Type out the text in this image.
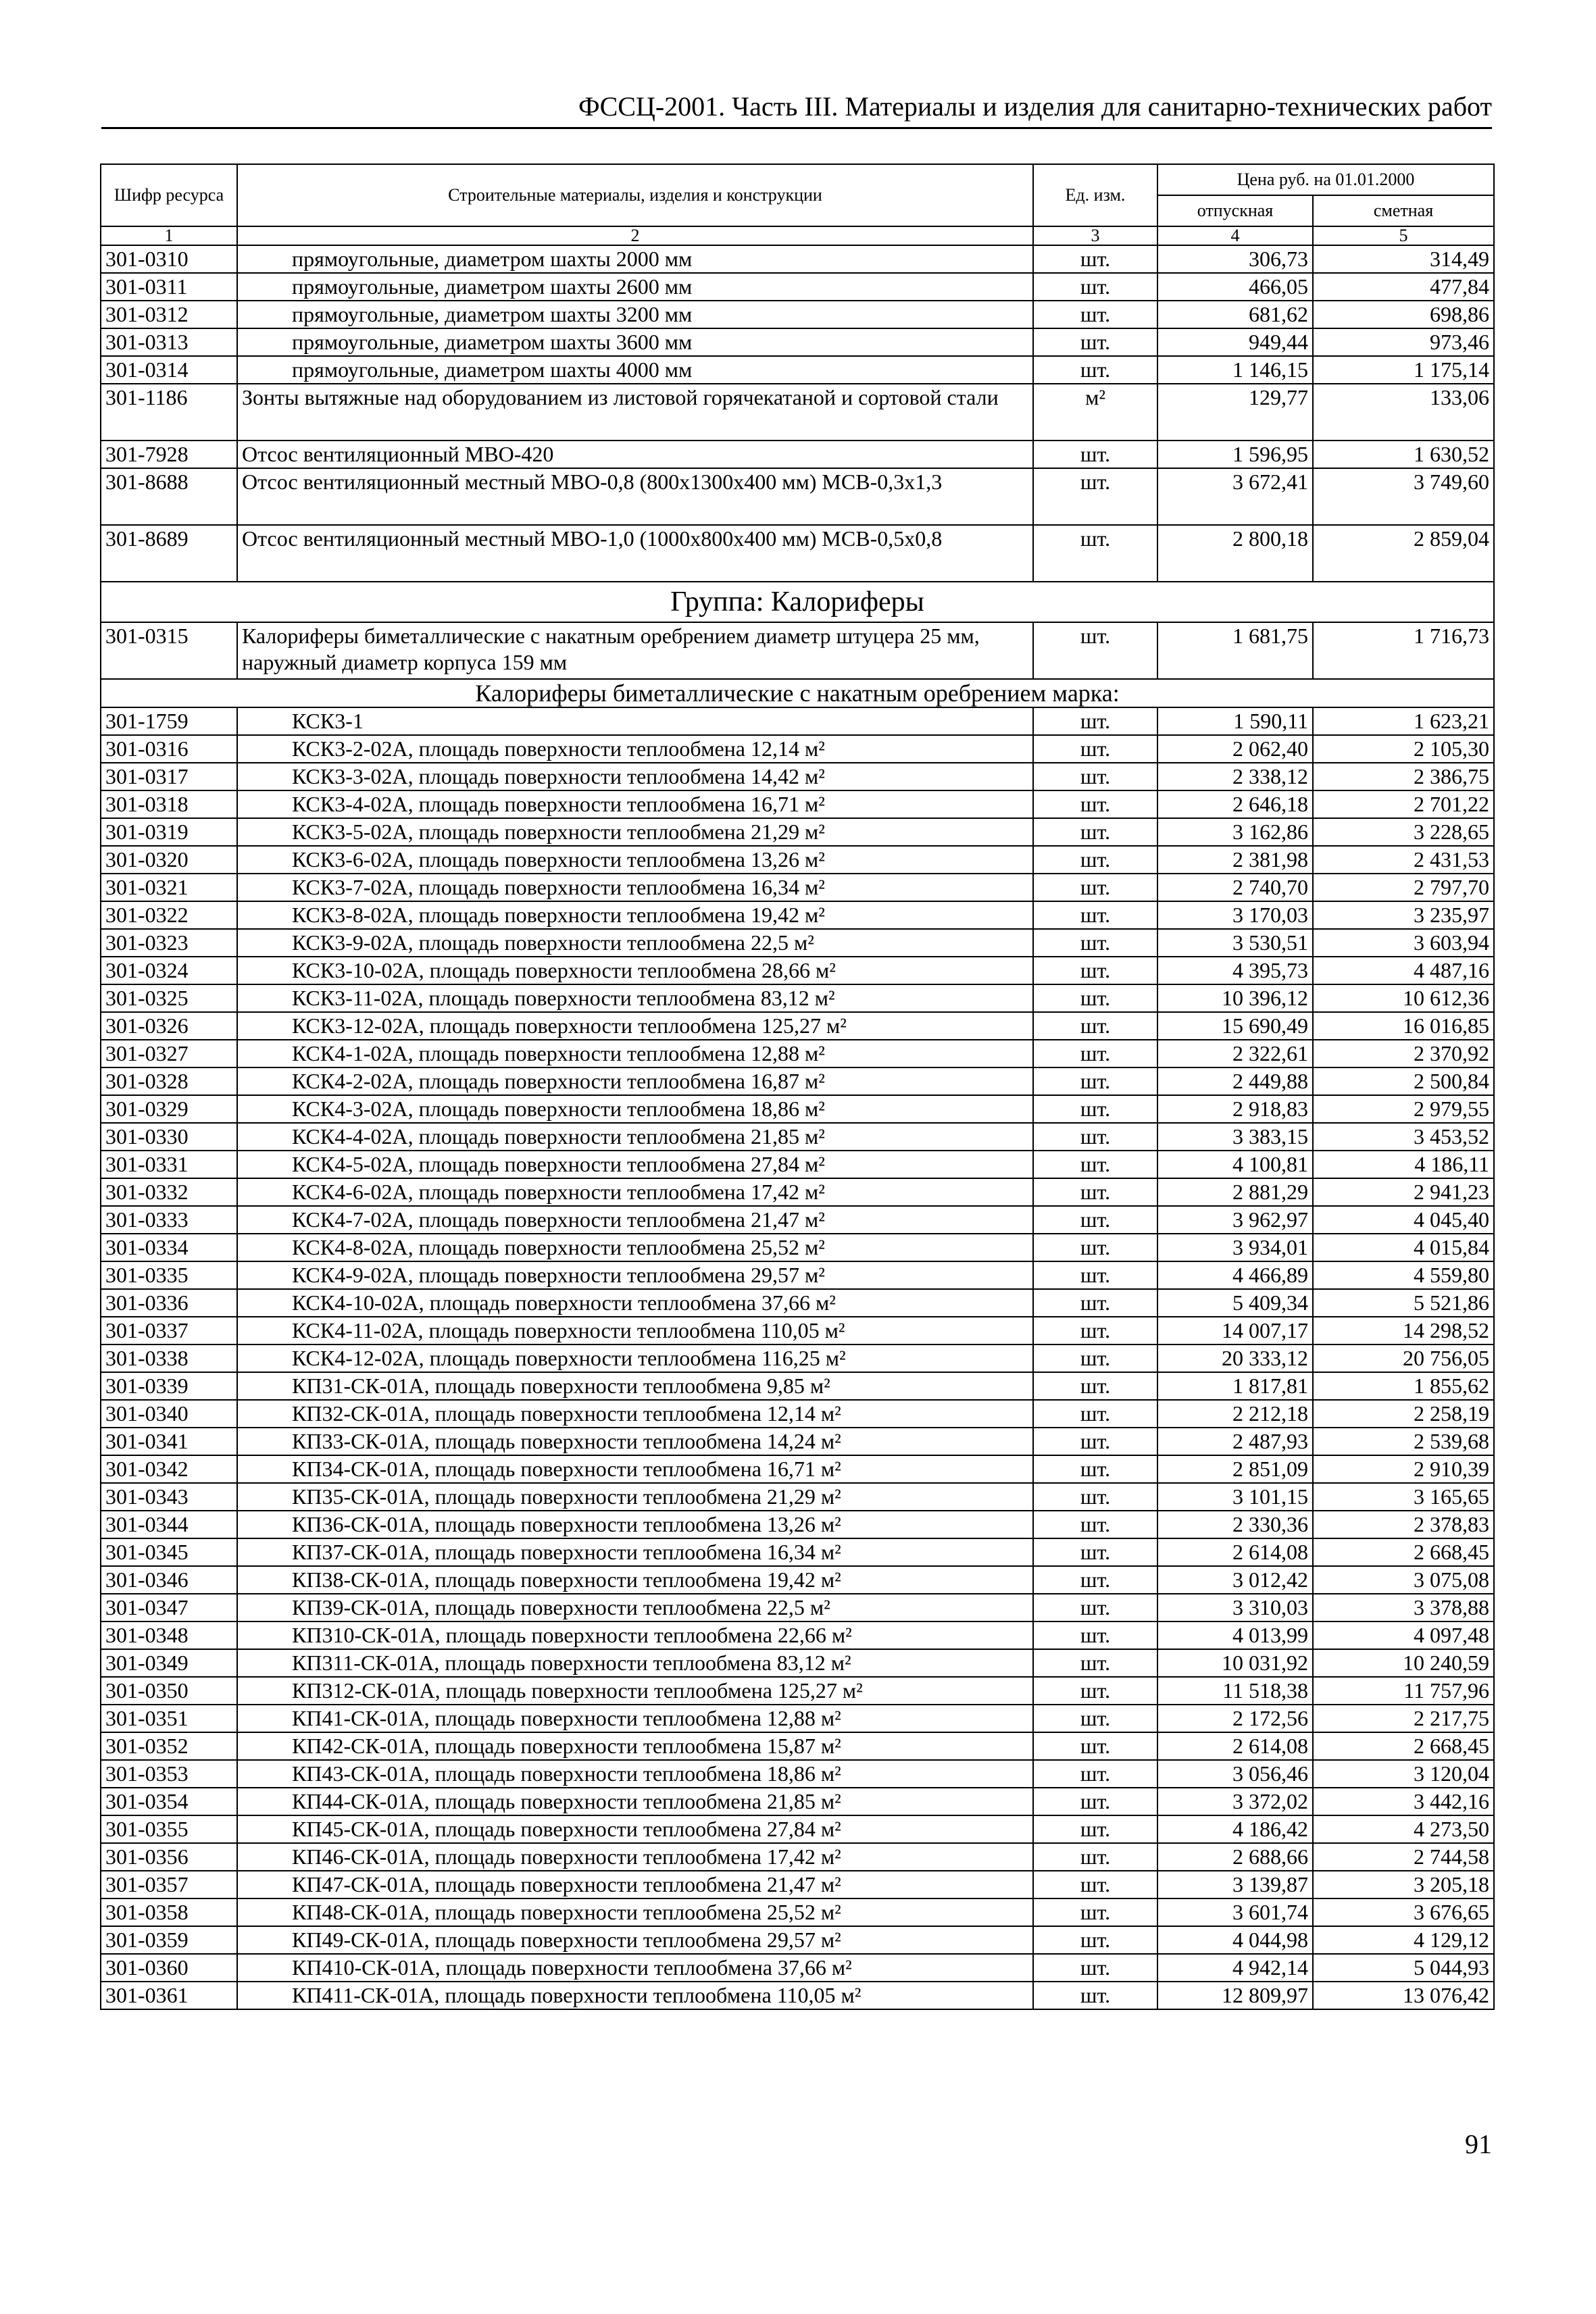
ФССЦ-2001. Часть III. Материалы и изделия для санитарно-технических работ
Шифр ресурса	Строительные материалы, изделия и конструкции	Ед. изм.	Цена руб. на 01.01.2000	
			отпускная	сметная
1	2	3	4	5
301-0310	прямоугольные, диаметром шахты 2000 мм	шт.	306,73	314,49
301-0311	прямоугольные, диаметром шахты 2600 мм	шт.	466,05	477,84
301-0312	прямоугольные, диаметром шахты 3200 мм	шт.	681,62	698,86
301-0313	прямоугольные, диаметром шахты 3600 мм	шт.	949,44	973,46
301-0314	прямоугольные, диаметром шахты 4000 мм	шт.	1 146,15	1 175,14
301-1186	Зонты вытяжные над оборудованием из листовой горячекатаной и сортовой стали	м²	129,77	133,06
301-7928	Отсос вентиляционный МВО-420	шт.	1 596,95	1 630,52
301-8688	Отсос вентиляционный местный МВО-0,8 (800х1300х400 мм) МСВ-0,3х1,3	шт.	3 672,41	3 749,60
301-8689	Отсос вентиляционный местный МВО-1,0 (1000х800х400 мм) МСВ-0,5х0,8	шт.	2 800,18	2 859,04
Группа: Калориферы				
301-0315	Калориферы биметаллические с накатным оребрением диаметр штуцера 25 мм, наружный диаметр корпуса 159 мм	шт.	1 681,75	1 716,73
Калориферы биметаллические с накатным оребрением марка:				
301-1759	КСК3-1	шт.	1 590,11	1 623,21
301-0316	КСК3-2-02А, площадь поверхности теплообмена 12,14 м²	шт.	2 062,40	2 105,30
301-0317	КСК3-3-02А, площадь поверхности теплообмена 14,42 м²	шт.	2 338,12	2 386,75
301-0318	КСК3-4-02А, площадь поверхности теплообмена 16,71 м²	шт.	2 646,18	2 701,22
301-0319	КСК3-5-02А, площадь поверхности теплообмена 21,29 м²	шт.	3 162,86	3 228,65
301-0320	КСК3-6-02А, площадь поверхности теплообмена 13,26 м²	шт.	2 381,98	2 431,53
301-0321	КСК3-7-02А, площадь поверхности теплообмена 16,34 м²	шт.	2 740,70	2 797,70
301-0322	КСК3-8-02А, площадь поверхности теплообмена 19,42 м²	шт.	3 170,03	3 235,97
301-0323	КСК3-9-02А, площадь поверхности теплообмена 22,5 м²	шт.	3 530,51	3 603,94
301-0324	КСК3-10-02А, площадь поверхности теплообмена 28,66 м²	шт.	4 395,73	4 487,16
301-0325	КСК3-11-02А, площадь поверхности теплообмена 83,12 м²	шт.	10 396,12	10 612,36
301-0326	КСК3-12-02А, площадь поверхности теплообмена 125,27 м²	шт.	15 690,49	16 016,85
301-0327	КСК4-1-02А, площадь поверхности теплообмена 12,88 м²	шт.	2 322,61	2 370,92
301-0328	КСК4-2-02А, площадь поверхности теплообмена 16,87 м²	шт.	2 449,88	2 500,84
301-0329	КСК4-3-02А, площадь поверхности теплообмена 18,86 м²	шт.	2 918,83	2 979,55
301-0330	КСК4-4-02А, площадь поверхности теплообмена 21,85 м²	шт.	3 383,15	3 453,52
301-0331	КСК4-5-02А, площадь поверхности теплообмена 27,84 м²	шт.	4 100,81	4 186,11
301-0332	КСК4-6-02А, площадь поверхности теплообмена 17,42 м²	шт.	2 881,29	2 941,23
301-0333	КСК4-7-02А, площадь поверхности теплообмена 21,47 м²	шт.	3 962,97	4 045,40
301-0334	КСК4-8-02А, площадь поверхности теплообмена 25,52 м²	шт.	3 934,01	4 015,84
301-0335	КСК4-9-02А, площадь поверхности теплообмена 29,57 м²	шт.	4 466,89	4 559,80
301-0336	КСК4-10-02А, площадь поверхности теплообмена 37,66 м²	шт.	5 409,34	5 521,86
301-0337	КСК4-11-02А, площадь поверхности теплообмена 110,05 м²	шт.	14 007,17	14 298,52
301-0338	КСК4-12-02А, площадь поверхности теплообмена 116,25 м²	шт.	20 333,12	20 756,05
301-0339	КП31-СК-01А, площадь поверхности теплообмена 9,85 м²	шт.	1 817,81	1 855,62
301-0340	КП32-СК-01А, площадь поверхности теплообмена 12,14 м²	шт.	2 212,18	2 258,19
301-0341	КП33-СК-01А, площадь поверхности теплообмена 14,24 м²	шт.	2 487,93	2 539,68
301-0342	КП34-СК-01А, площадь поверхности теплообмена 16,71 м²	шт.	2 851,09	2 910,39
301-0343	КП35-СК-01А, площадь поверхности теплообмена 21,29 м²	шт.	3 101,15	3 165,65
301-0344	КП36-СК-01А, площадь поверхности теплообмена 13,26 м²	шт.	2 330,36	2 378,83
301-0345	КП37-СК-01А, площадь поверхности теплообмена 16,34 м²	шт.	2 614,08	2 668,45
301-0346	КП38-СК-01А, площадь поверхности теплообмена 19,42 м²	шт.	3 012,42	3 075,08
301-0347	КП39-СК-01А, площадь поверхности теплообмена 22,5 м²	шт.	3 310,03	3 378,88
301-0348	КП310-СК-01А, площадь поверхности теплообмена 22,66 м²	шт.	4 013,99	4 097,48
301-0349	КП311-СК-01А, площадь поверхности теплообмена 83,12 м²	шт.	10 031,92	10 240,59
301-0350	КП312-СК-01А, площадь поверхности теплообмена 125,27 м²	шт.	11 518,38	11 757,96
301-0351	КП41-СК-01А, площадь поверхности теплообмена 12,88 м²	шт.	2 172,56	2 217,75
301-0352	КП42-СК-01А, площадь поверхности теплообмена 15,87 м²	шт.	2 614,08	2 668,45
301-0353	КП43-СК-01А, площадь поверхности теплообмена 18,86 м²	шт.	3 056,46	3 120,04
301-0354	КП44-СК-01А, площадь поверхности теплообмена 21,85 м²	шт.	3 372,02	3 442,16
301-0355	КП45-СК-01А, площадь поверхности теплообмена 27,84 м²	шт.	4 186,42	4 273,50
301-0356	КП46-СК-01А, площадь поверхности теплообмена 17,42 м²	шт.	2 688,66	2 744,58
301-0357	КП47-СК-01А, площадь поверхности теплообмена 21,47 м²	шт.	3 139,87	3 205,18
301-0358	КП48-СК-01А, площадь поверхности теплообмена 25,52 м²	шт.	3 601,74	3 676,65
301-0359	КП49-СК-01А, площадь поверхности теплообмена 29,57 м²	шт.	4 044,98	4 129,12
301-0360	КП410-СК-01А, площадь поверхности теплообмена 37,66 м²	шт.	4 942,14	5 044,93
301-0361	КП411-СК-01А, площадь поверхности теплообмена 110,05 м²	шт.	12 809,97	13 076,42
91
